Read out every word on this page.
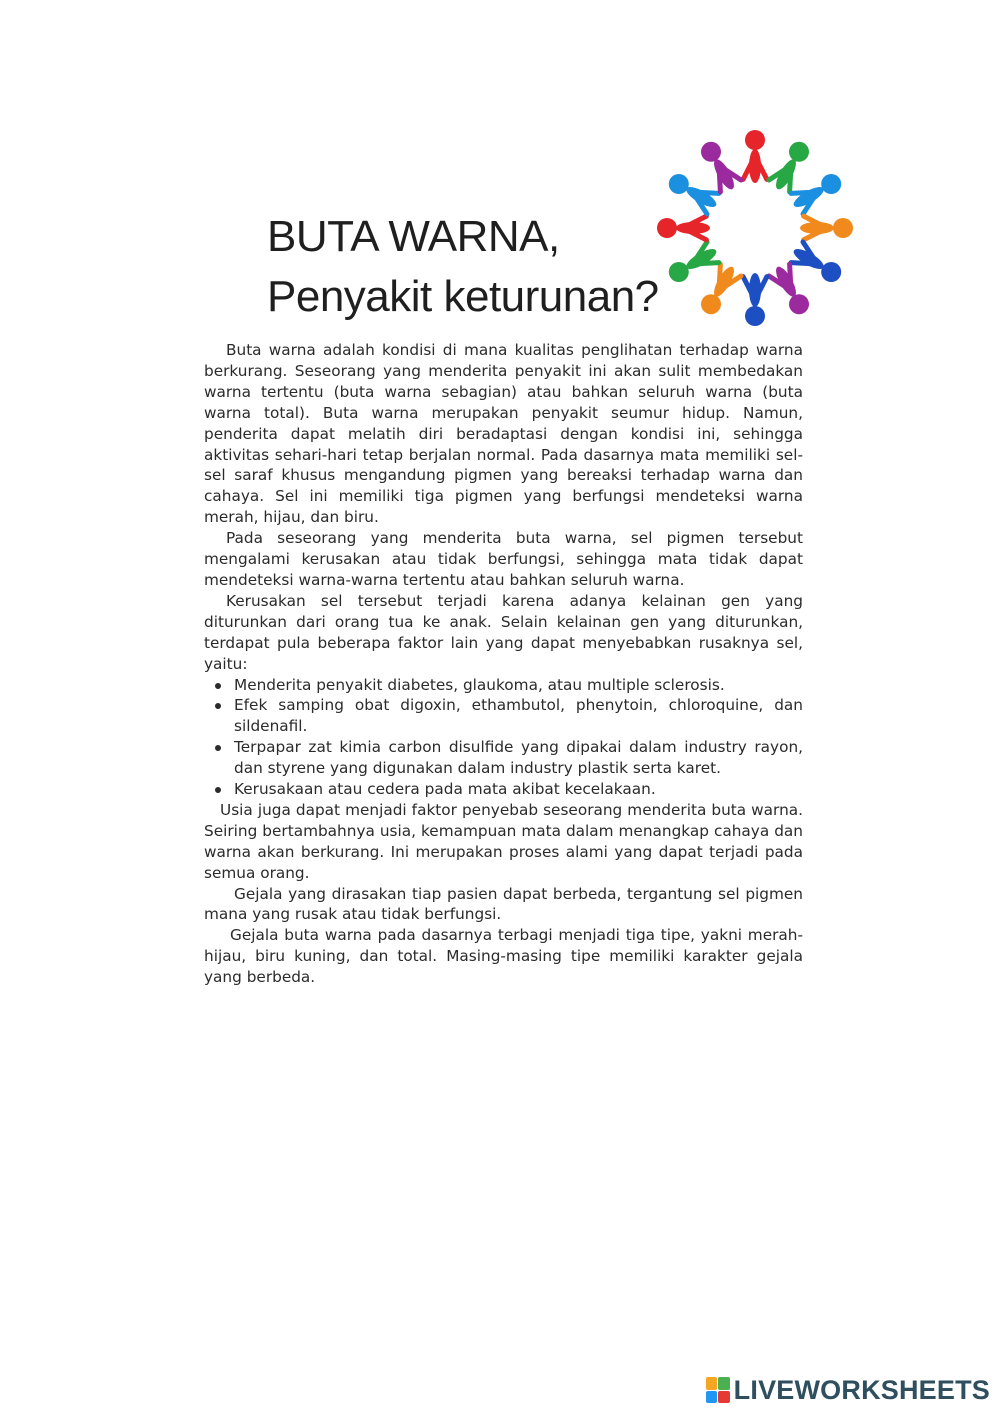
BUTA WARNA,
Penyakit keturunan?

Buta warna adalah kondisi di mana kualitas penglihatan terhadap warna berkurang. Seseorang yang menderita penyakit ini akan sulit membedakan warna tertentu (buta warna sebagian) atau bahkan seluruh warna (buta warna total). Buta warna merupakan penyakit seumur hidup. Namun, penderita dapat melatih diri beradaptasi dengan kondisi ini, sehingga aktivitas sehari-hari tetap berjalan normal. Pada dasarnya mata memiliki sel-sel saraf khusus mengandung pigmen yang bereaksi terhadap warna dan cahaya. Sel ini memiliki tiga pigmen yang berfungsi mendeteksi warna merah, hijau, dan biru.

Pada seseorang yang menderita buta warna, sel pigmen tersebut mengalami kerusakan atau tidak berfungsi, sehingga mata tidak dapat mendeteksi warna-warna tertentu atau bahkan seluruh warna.

Kerusakan sel tersebut terjadi karena adanya kelainan gen yang diturunkan dari orang tua ke anak. Selain kelainan gen yang diturunkan, terdapat pula beberapa faktor lain yang dapat menyebabkan rusaknya sel, yaitu:

Menderita penyakit diabetes, glaukoma, atau multiple sclerosis.
Efek samping obat digoxin, ethambutol, phenytoin, chloroquine, dan sildenafil.
Terpapar zat kimia carbon disulfide yang dipakai dalam industry rayon, dan styrene yang digunakan dalam industry plastik serta karet.
Kerusakaan atau cedera pada mata akibat kecelakaan.

Usia juga dapat menjadi faktor penyebab seseorang menderita buta warna. Seiring bertambahnya usia, kemampuan mata dalam menangkap cahaya dan warna akan berkurang. Ini merupakan proses alami yang dapat terjadi pada semua orang.

Gejala yang dirasakan tiap pasien dapat berbeda, tergantung sel pigmen mana yang rusak atau tidak berfungsi.

Gejala buta warna pada dasarnya terbagi menjadi tiga tipe, yakni merah-hijau, biru kuning, dan total. Masing-masing tipe memiliki karakter gejala yang berbeda.

LIVEWORKSHEETS
